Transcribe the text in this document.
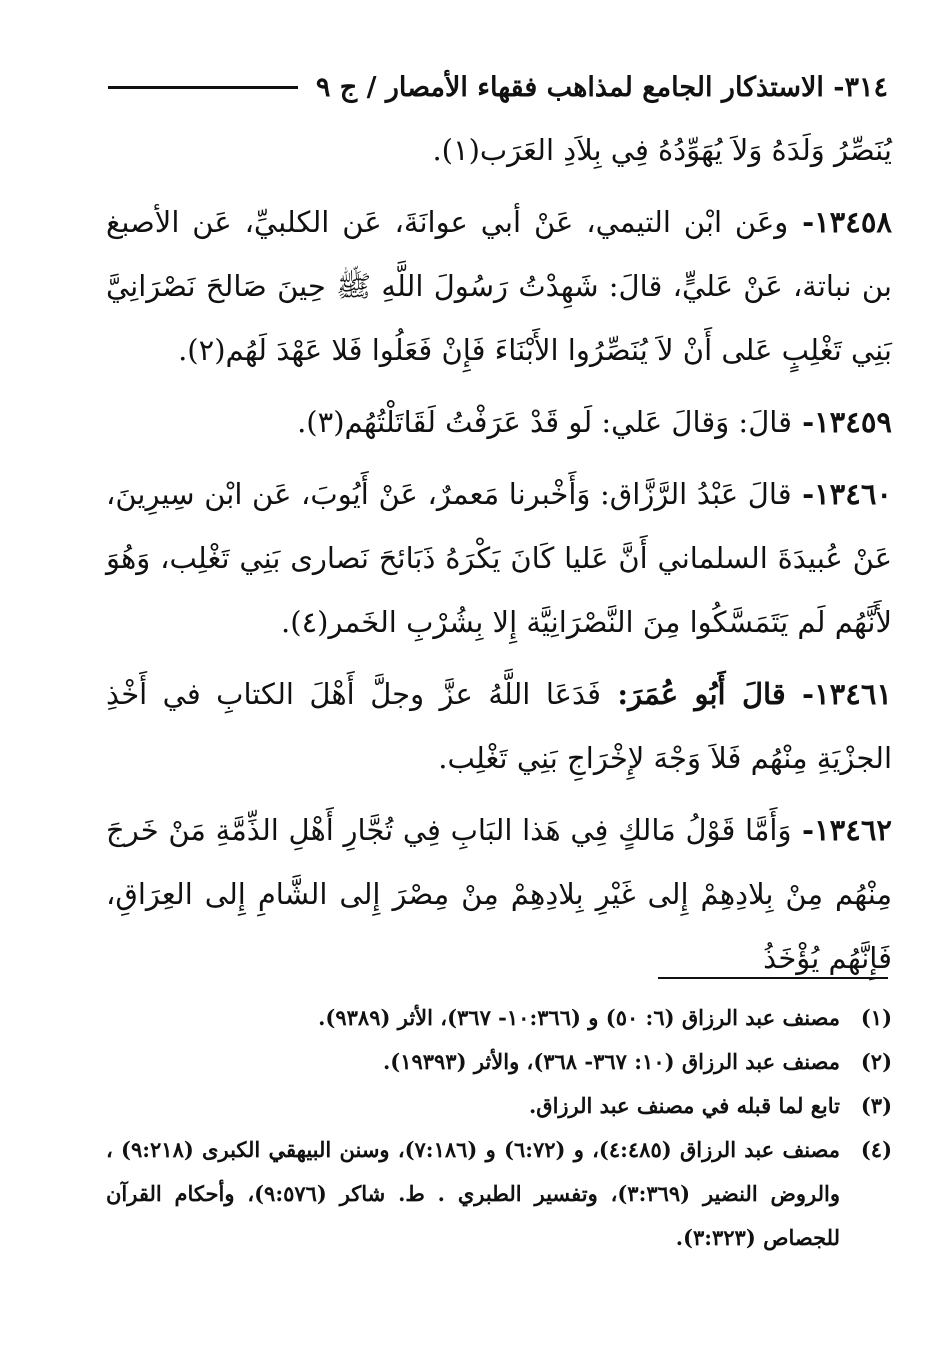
٣١٤- الاستذكار الجامع لمذاهب فقهاء الأمصار / ج ٩

يُنَصِّرُ وَلَدَهُ وَلاَ يُهَوِّدُهُ فِي بِلاَدِ العَرَب(١).

١٣٤٥٨- وعَن ابْن التيمي، عَنْ أبي عوانَةَ، عَن الكلبيِّ، عَن الأصبغ بن نباتة، عَنْ عَليٍّ، قالَ: شَهِدْتُ رَسُولَ اللَّهِ ﷺ حِينَ صَالحَ نَصْرَانِيَّ بَنِي تَغْلِبٍ عَلى أَنْ لاَ يُنَصِّرُوا الأَبْنَاءَ فَإِنْ فَعَلُوا فَلا عَهْدَ لَهُم(٢).

١٣٤٥٩- قالَ: وَقالَ عَلي: لَو قَدْ عَرَفْتُ لَقَاتَلْتُهُم(٣).

١٣٤٦٠- قالَ عَبْدُ الرَّزَّاق: وَأَخْبرنا مَعمرٌ، عَنْ أَيُوبَ، عَن ابْن سِيرِينَ، عَنْ عُبيدَةَ السلماني أَنَّ عَليا كَانَ يَكْرَهُ ذَبَائحَ نَصارى بَنِي تَغْلِب، وَهُوَ لأَنَّهُم لَم يَتَمَسَّكُوا مِنَ النَّصْرَانِيَّة إِلا بِشُرْبِ الخَمر(٤).

١٣٤٦١- قالَ أَبُو عُمَرَ: فَدَعَا اللَّهُ عزَّ وجلَّ أَهْلَ الكتابِ في أَخْذِ الجزْيَةِ مِنْهُم فَلاَ وَجْهَ لإِخْرَاجِ بَنِي تَغْلِب.

١٣٤٦٢- وَأَمَّا قَوْلُ مَالكٍ فِي هَذا البَابِ فِي تُجَّارِ أَهْلِ الذِّمَّةِ مَنْ خَرجَ مِنْهُم مِنْ بِلادِهِمْ إِلى غَيْرِ بِلادِهِمْ مِنْ مِصْرَ إِلى الشَّامِ إِلى العِرَاقِ، فَإِنَّهُم يُؤْخَذُ

(١)
مصنف عبد الرزاق (٦: ٥٠) و (١٠:٣٦٦- ٣٦٧)، الأثر (٩٣٨٩).
(٢)
مصنف عبد الرزاق (١٠: ٣٦٧- ٣٦٨)، والأثر (١٩٣٩٣).
(٣)
تابع لما قبله في مصنف عبد الرزاق.
(٤)
مصنف عبد الرزاق (٤:٤٨٥)، و (٦:٧٢) و (٧:١٨٦)، وسنن البيهقي الكبرى (٩:٢١٨) ، والروض النضير (٣:٣٦٩)، وتفسير الطبري . ط. شاكر (٩:٥٧٦)، وأحكام القرآن للجصاص (٣:٣٢٣).
